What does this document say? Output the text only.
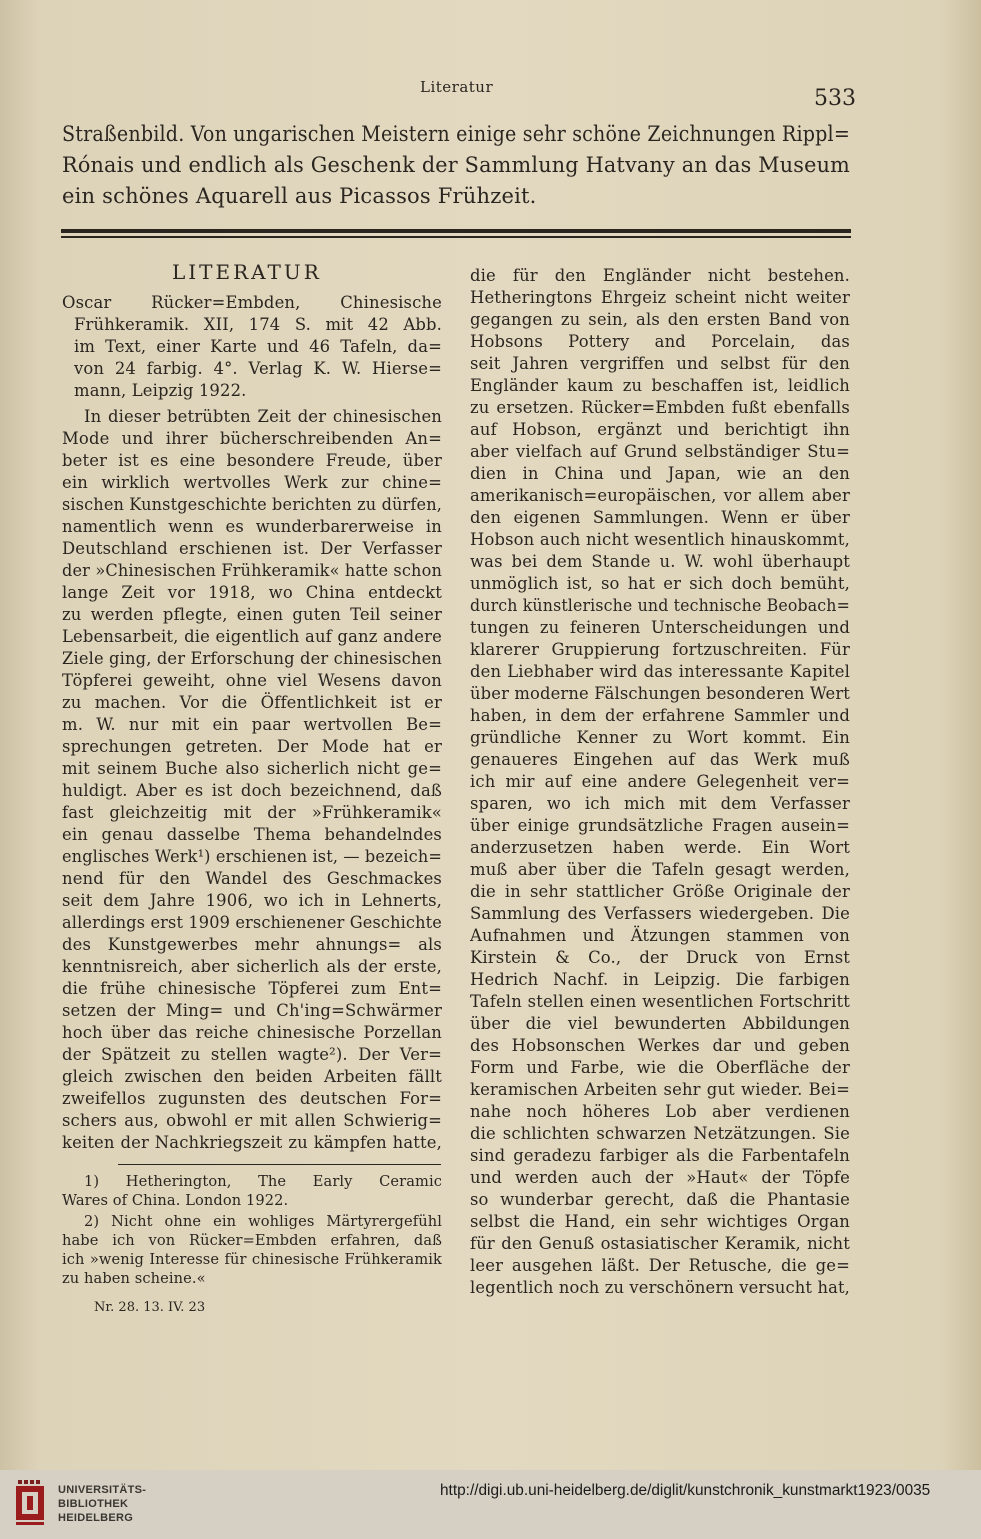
Literatur	533
Straßenbild. Von ungarischen Meistern einige sehr schöne Zeichnungen Rippl=
Rónais und endlich als Geschenk der Sammlung Hatvany an das Museum
ein schönes Aquarell aus Picassos Frühzeit.
LITERATUR
Oscar Rücker=Embden, Chinesische
Frühkeramik. XII, 174 S. mit 42 Abb.
im Text, einer Karte und 46 Tafeln, da=
von 24 farbig. 4°. Verlag K. W. Hierse=
mann, Leipzig 1922.
In dieser betrübten Zeit der chinesischen
Mode und ihrer bücherschreibenden An=
beter ist es eine besondere Freude, über
ein wirklich wertvolles Werk zur chine=
sischen Kunstgeschichte berichten zu dürfen,
namentlich wenn es wunderbarerweise in
Deutschland erschienen ist. Der Verfasser
der »Chinesischen Frühkeramik« hatte schon
lange Zeit vor 1918, wo China entdeckt
zu werden pflegte, einen guten Teil seiner
Lebensarbeit, die eigentlich auf ganz andere
Ziele ging, der Erforschung der chinesischen
Töpferei geweiht, ohne viel Wesens davon
zu machen. Vor die Öffentlichkeit ist er
m. W. nur mit ein paar wertvollen Be=
sprechungen getreten. Der Mode hat er
mit seinem Buche also sicherlich nicht ge=
huldigt. Aber es ist doch bezeichnend, daß
fast gleichzeitig mit der »Frühkeramik«
ein genau dasselbe Thema behandelndes
englisches Werk¹) erschienen ist, — bezeich=
nend für den Wandel des Geschmackes
seit dem Jahre 1906, wo ich in Lehnerts,
allerdings erst 1909 erschienener Geschichte
des Kunstgewerbes mehr ahnungs= als
kenntnisreich, aber sicherlich als der erste,
die frühe chinesische Töpferei zum Ent=
setzen der Ming= und Ch'ing=Schwärmer
hoch über das reiche chinesische Porzellan
der Spätzeit zu stellen wagte²). Der Ver=
gleich zwischen den beiden Arbeiten fällt
zweifellos zugunsten des deutschen For=
schers aus, obwohl er mit allen Schwierig=
keiten der Nachkriegszeit zu kämpfen hatte,
1) Hetherington, The Early Ceramic
Wares of China. London 1922.
2) Nicht ohne ein wohliges Märtyrergefühl
habe ich von Rücker=Embden erfahren, daß
ich »wenig Interesse für chinesische Frühkeramik
zu haben scheine.«
Nr. 28. 13. IV. 23
die für den Engländer nicht bestehen.
Hetheringtons Ehrgeiz scheint nicht weiter
gegangen zu sein, als den ersten Band von
Hobsons Pottery and Porcelain, das
seit Jahren vergriffen und selbst für den
Engländer kaum zu beschaffen ist, leidlich
zu ersetzen. Rücker=Embden fußt ebenfalls
auf Hobson, ergänzt und berichtigt ihn
aber vielfach auf Grund selbständiger Stu=
dien in China und Japan, wie an den
amerikanisch=europäischen, vor allem aber
den eigenen Sammlungen. Wenn er über
Hobson auch nicht wesentlich hinauskommt,
was bei dem Stande u. W. wohl überhaupt
unmöglich ist, so hat er sich doch bemüht,
durch künstlerische und technische Beobach=
tungen zu feineren Unterscheidungen und
klarerer Gruppierung fortzuschreiten. Für
den Liebhaber wird das interessante Kapitel
über moderne Fälschungen besonderen Wert
haben, in dem der erfahrene Sammler und
gründliche Kenner zu Wort kommt. Ein
genaueres Eingehen auf das Werk muß
ich mir auf eine andere Gelegenheit ver=
sparen, wo ich mich mit dem Verfasser
über einige grundsätzliche Fragen ausein=
anderzusetzen haben werde. Ein Wort
muß aber über die Tafeln gesagt werden,
die in sehr stattlicher Größe Originale der
Sammlung des Verfassers wiedergeben. Die
Aufnahmen und Ätzungen stammen von
Kirstein & Co., der Druck von Ernst
Hedrich Nachf. in Leipzig. Die farbigen
Tafeln stellen einen wesentlichen Fortschritt
über die viel bewunderten Abbildungen
des Hobsonschen Werkes dar und geben
Form und Farbe, wie die Oberfläche der
keramischen Arbeiten sehr gut wieder. Bei=
nahe noch höheres Lob aber verdienen
die schlichten schwarzen Netzätzungen. Sie
sind geradezu farbiger als die Farbentafeln
und werden auch der »Haut« der Töpfe
so wunderbar gerecht, daß die Phantasie
selbst die Hand, ein sehr wichtiges Organ
für den Genuß ostasiatischer Keramik, nicht
leer ausgehen läßt. Der Retusche, die ge=
legentlich noch zu verschönern versucht hat,
UNIVERSITÄTS-
BIBLIOTHEK
HEIDELBERG
http://digi.ub.uni-heidelberg.de/diglit/kunstchronik_kunstmarkt1923/0035
